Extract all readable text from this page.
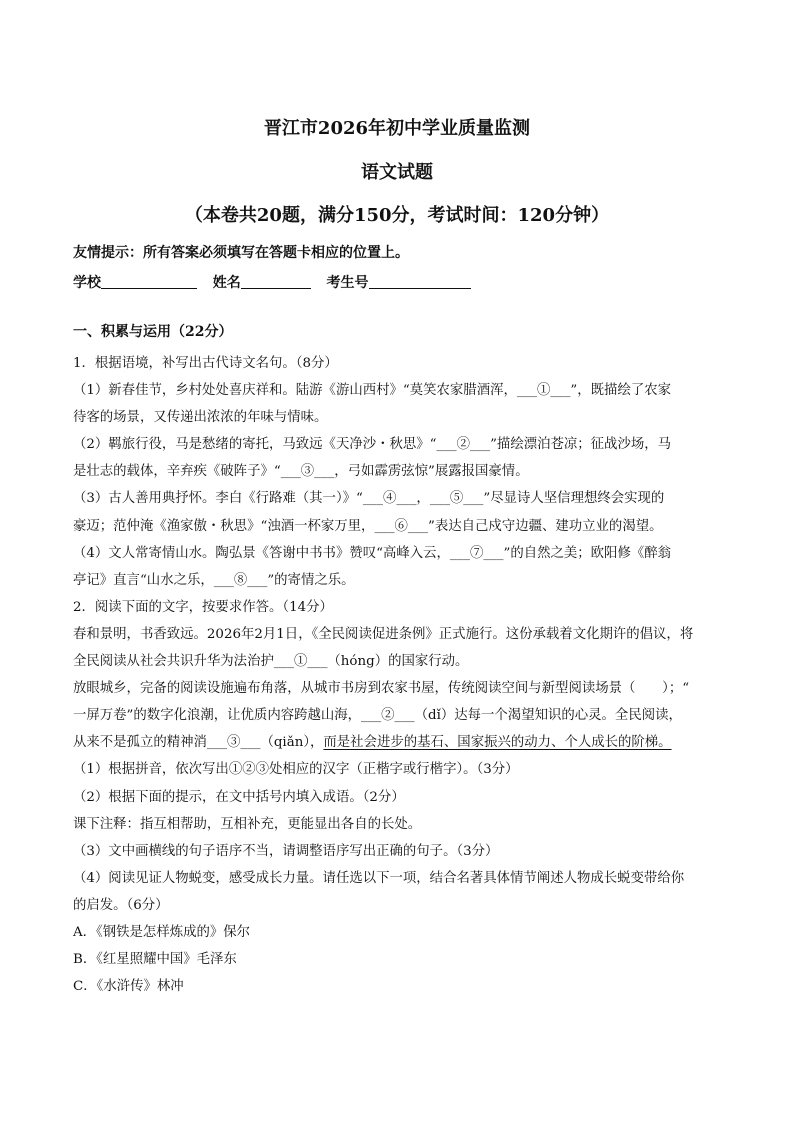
晋江市2026年初中学业质量监测
语文试题
（本卷共20题，满分150分，考试时间：120分钟）
友情提示：所有答案必须填写在答题卡相应的位置上。
学校	姓名	考生号
一、积累与运用（22分）

1．根据语境，补写出古代诗文名句。（8分）

（1）新春佳节，乡村处处喜庆祥和。陆游《游山西村》“莫笑农家腊酒浑，___①___”，既描绘了农家

待客的场景，又传递出浓浓的年味与情味。

（2）羁旅行役，马是愁绪的寄托，马致远《天净沙・秋思》“___②___”描绘漂泊苍凉；征战沙场，马

是壮志的载体，辛弃疾《破阵子》“___③___，弓如霹雳弦惊”展露报国豪情。

（3）古人善用典抒怀。李白《行路难（其一）》“___④___，___⑤___”尽显诗人坚信理想终会实现的

豪迈；范仲淹《渔家傲・秋思》“浊酒一杯家万里，___⑥___”表达自己戍守边疆、建功立业的渴望。

（4）文人常寄情山水。陶弘景《答谢中书书》赞叹“高峰入云，___⑦___”的自然之美；欧阳修《醉翁

亭记》直言“山水之乐，___⑧___”的寄情之乐。

2．阅读下面的文字，按要求作答。（14分）

春和景明，书香致远。2026年2月1日，《全民阅读促进条例》正式施行。这份承载着文化期许的倡议，将

全民阅读从社会共识升华为法治护___①___（hóng）的国家行动。

放眼城乡，完备的阅读设施遍布角落，从城市书房到农家书屋，传统阅读空间与新型阅读场景（　　）；“

一屏万卷”的数字化浪潮，让优质内容跨越山海，___②___（dǐ）达每一个渴望知识的心灵。全民阅读，

从来不是孤立的精神消___③___（qiǎn），而是社会进步的基石、国家振兴的动力、个人成长的阶梯。

（1）根据拼音，依次写出①②③处相应的汉字（正楷字或行楷字）。（3分）

（2）根据下面的提示，在文中括号内填入成语。（2分）

课下注释：指互相帮助，互相补充，更能显出各自的长处。

（3）文中画横线的句子语序不当，请调整语序写出正确的句子。（3分）

（4）阅读见证人物蜕变，感受成长力量。请任选以下一项，结合名著具体情节阐述人物成长蜕变带给你

的启发。（6分）

A．《钢铁是怎样炼成的》保尔

B．《红星照耀中国》毛泽东

C．《水浒传》林冲
